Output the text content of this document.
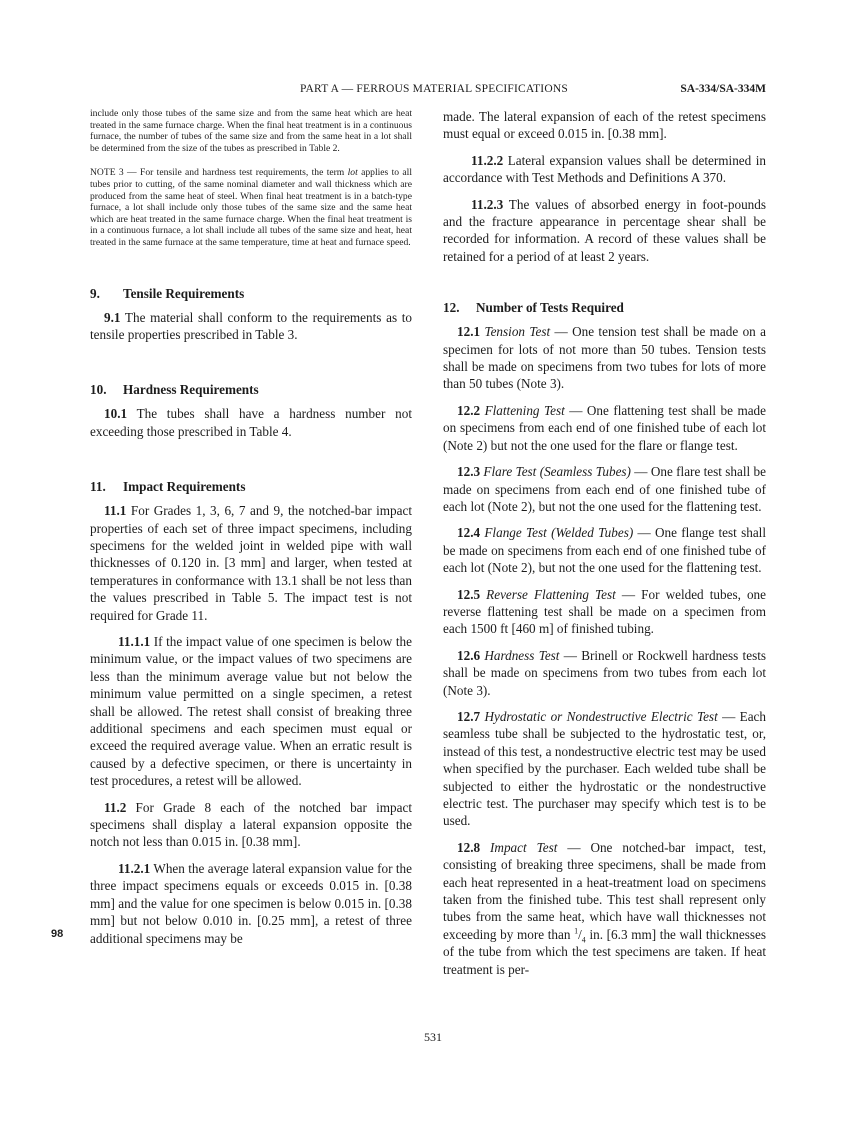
PART A — FERROUS MATERIAL SPECIFICATIONS	SA-334/SA-334M

include only those tubes of the same size and from the same heat which are heat treated in the same furnace charge. When the final heat treatment is in a continuous furnace, the number of tubes of the same size and from the same heat in a lot shall be determined from the size of the tubes as prescribed in Table 2.

NOTE 3 — For tensile and hardness test requirements, the term lot applies to all tubes prior to cutting, of the same nominal diameter and wall thickness which are produced from the same heat of steel. When final heat treatment is in a batch-type furnace, a lot shall include only those tubes of the same size and the same heat which are heat treated in the same furnace charge. When the final heat treatment is in a continuous furnace, a lot shall include all tubes of the same size and heat, heat treated in the same furnace at the same temperature, time at heat and furnace speed.

9. Tensile Requirements

9.1 The material shall conform to the requirements as to tensile properties prescribed in Table 3.

10. Hardness Requirements

10.1 The tubes shall have a hardness number not exceeding those prescribed in Table 4.

11. Impact Requirements

11.1 For Grades 1, 3, 6, 7 and 9, the notched-bar impact properties of each set of three impact specimens, including specimens for the welded joint in welded pipe with wall thicknesses of 0.120 in. [3 mm] and larger, when tested at temperatures in conformance with 13.1 shall be not less than the values prescribed in Table 5. The impact test is not required for Grade 11.

11.1.1 If the impact value of one specimen is below the minimum value, or the impact values of two specimens are less than the minimum average value but not below the minimum value permitted on a single specimen, a retest shall be allowed. The retest shall consist of breaking three additional specimens and each specimen must equal or exceed the required average value. When an erratic result is caused by a defective specimen, or there is uncertainty in test procedures, a retest will be allowed.

11.2 For Grade 8 each of the notched bar impact specimens shall display a lateral expansion opposite the notch not less than 0.015 in. [0.38 mm].

11.2.1 When the average lateral expansion value for the three impact specimens equals or exceeds 0.015 in. [0.38 mm] and the value for one specimen is below 0.015 in. [0.38 mm] but not below 0.010 in. [0.25 mm], a retest of three additional specimens may be

made. The lateral expansion of each of the retest specimens must equal or exceed 0.015 in. [0.38 mm].

11.2.2 Lateral expansion values shall be determined in accordance with Test Methods and Definitions A 370.

11.2.3 The values of absorbed energy in foot-pounds and the fracture appearance in percentage shear shall be recorded for information. A record of these values shall be retained for a period of at least 2 years.

12. Number of Tests Required

12.1 Tension Test — One tension test shall be made on a specimen for lots of not more than 50 tubes. Tension tests shall be made on specimens from two tubes for lots of more than 50 tubes (Note 3).

12.2 Flattening Test — One flattening test shall be made on specimens from each end of one finished tube of each lot (Note 2) but not the one used for the flare or flange test.

12.3 Flare Test (Seamless Tubes) — One flare test shall be made on specimens from each end of one finished tube of each lot (Note 2), but not the one used for the flattening test.

12.4 Flange Test (Welded Tubes) — One flange test shall be made on specimens from each end of one finished tube of each lot (Note 2), but not the one used for the flattening test.

12.5 Reverse Flattening Test — For welded tubes, one reverse flattening test shall be made on a specimen from each 1500 ft [460 m] of finished tubing.

12.6 Hardness Test — Brinell or Rockwell hardness tests shall be made on specimens from two tubes from each lot (Note 3).

12.7 Hydrostatic or Nondestructive Electric Test — Each seamless tube shall be subjected to the hydrostatic test, or, instead of this test, a nondestructive electric test may be used when specified by the purchaser. Each welded tube shall be subjected to either the hydrostatic or the nondestructive electric test. The purchaser may specify which test is to be used.

12.8 Impact Test — One notched-bar impact, test, consisting of breaking three specimens, shall be made from each heat represented in a heat-treatment load on specimens taken from the finished tube. This test shall represent only tubes from the same heat, which have wall thicknesses not exceeding by more than $^1/_4$ in. [6.3 mm] the wall thicknesses of the tube from which the test specimens are taken. If heat treatment is per-

98
531
